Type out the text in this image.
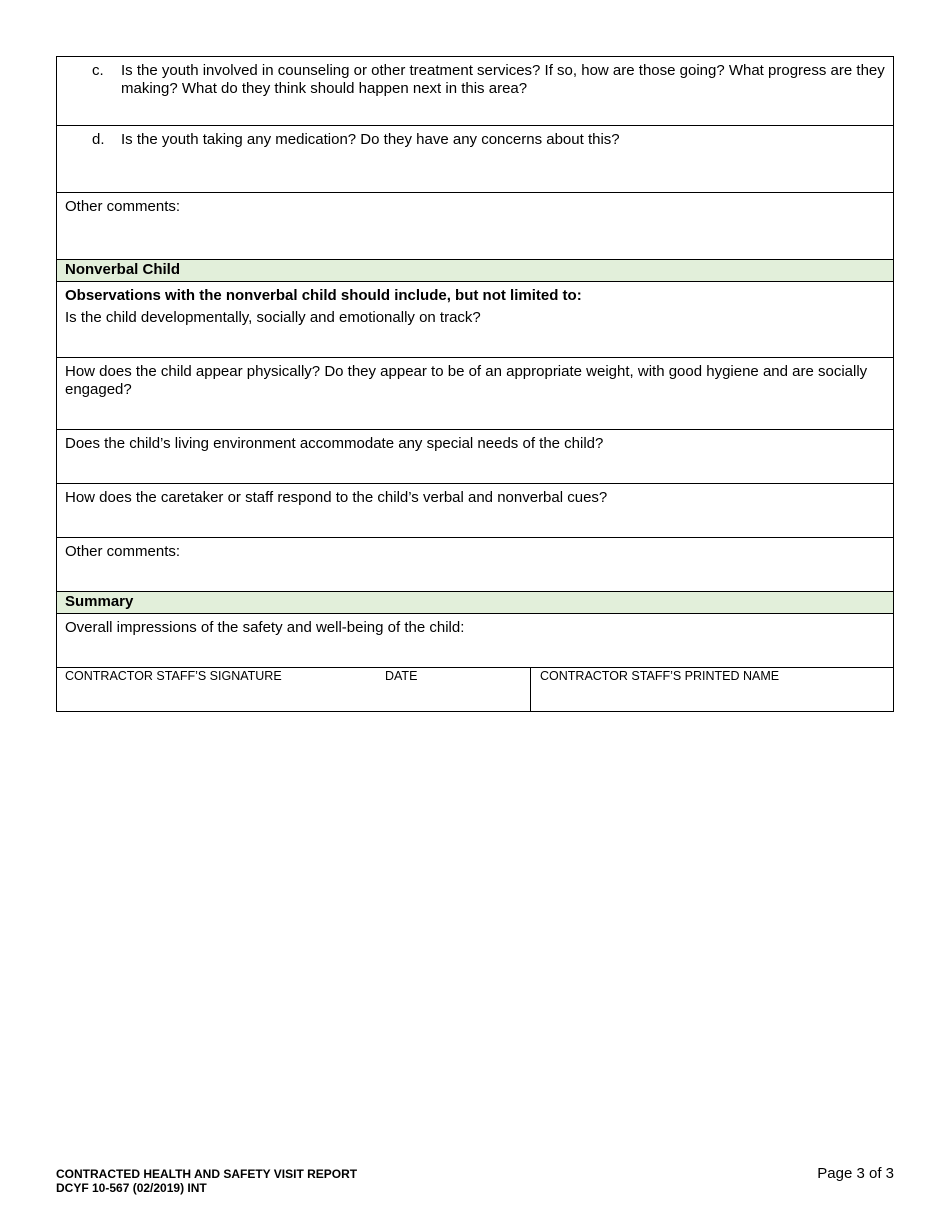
c.	Is the youth involved in counseling or other treatment services? If so, how are those going? What progress are they making? What do they think should happen next in this area?
d.	Is the youth taking any medication? Do they have any concerns about this?
Other comments:
Nonverbal Child
Observations with the nonverbal child should include, but not limited to:
Is the child developmentally, socially and emotionally on track?
How does the child appear physically? Do they appear to be of an appropriate weight, with good hygiene and are socially engaged?
Does the child’s living environment accommodate any special needs of the child?
How does the caretaker or staff respond to the child’s verbal and nonverbal cues?
Other comments:
Summary
Overall impressions of the safety and well-being of the child:
CONTRACTOR STAFF’S SIGNATURE	DATE	CONTRACTOR STAFF’S PRINTED NAME
CONTRACTED HEALTH AND SAFETY VISIT REPORT
DCYF 10-567 (02/2019) INT
Page 3 of 3
